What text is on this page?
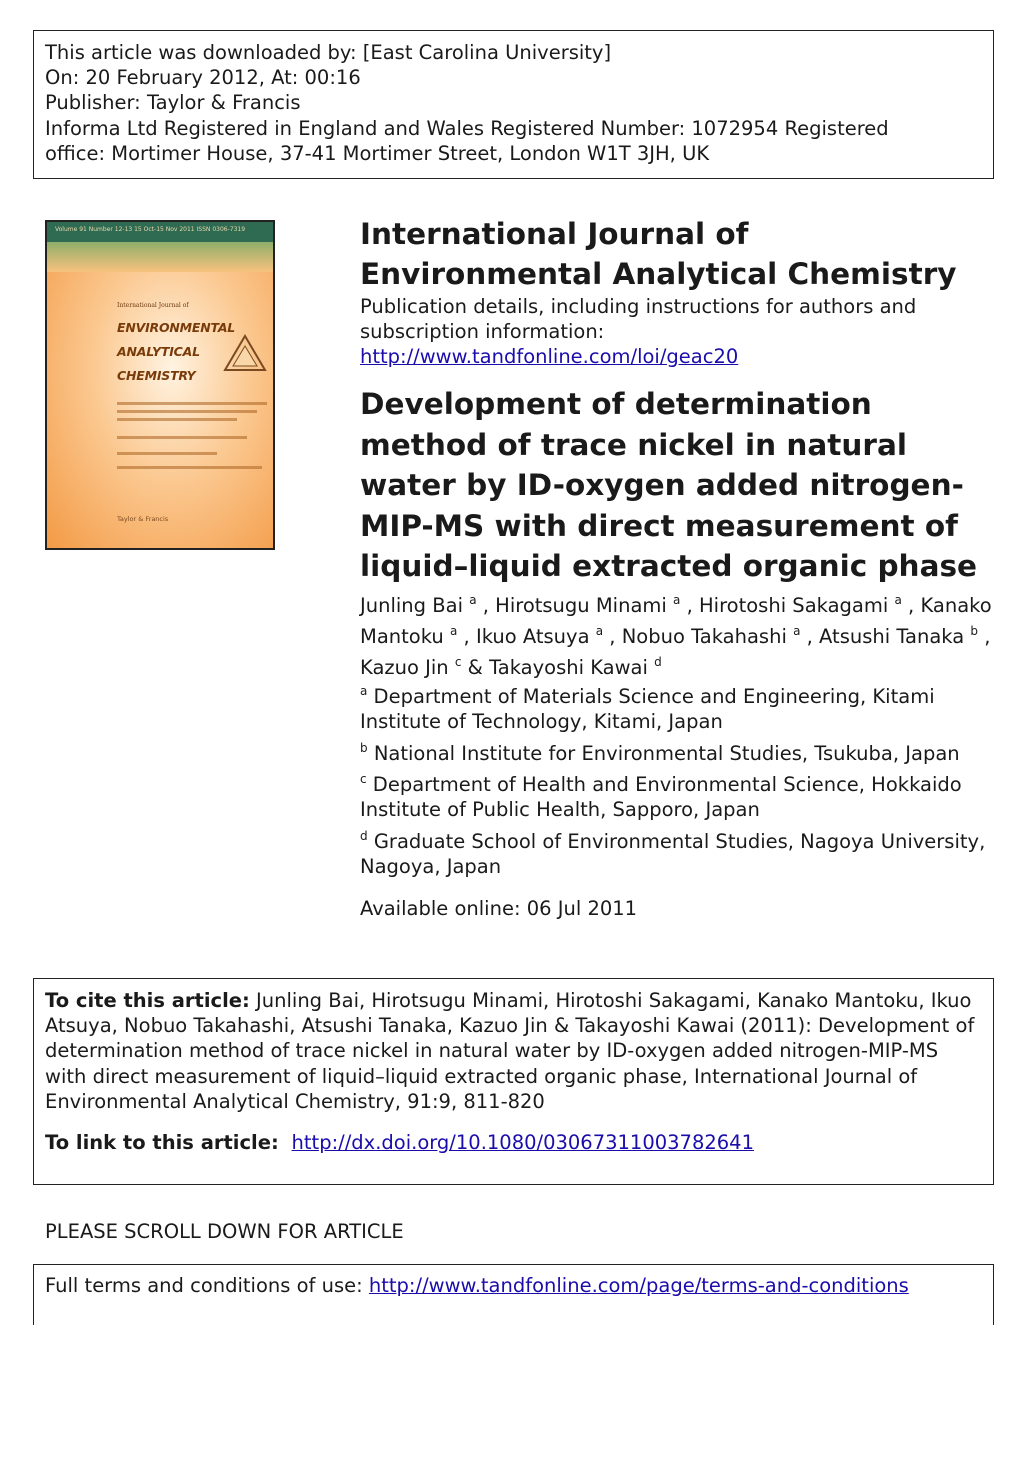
This article was downloaded by: [East Carolina University]
On: 20 February 2012, At: 00:16
Publisher: Taylor & Francis
Informa Ltd Registered in England and Wales Registered Number: 1072954 Registered
office: Mortimer House, 37-41 Mortimer Street, London W1T 3JH, UK
Volume 91 Number 12-13 15 Oct-15 Nov 2011 ISSN 0306-7319
International Journal of
ENVIRONMENTAL
ANALYTICAL
CHEMISTRY
Taylor & Francis
International Journal of Environmental Analytical Chemistry
Publication details, including instructions for authors and subscription information:
http://www.tandfonline.com/loi/geac20
Development of determination method of trace nickel in natural water by ID-oxygen added nitrogen-MIP-MS with direct measurement of liquid–liquid extracted organic phase
Junling Bai $^a$ , Hirotsugu Minami $^a$ , Hirotoshi Sakagami $^a$ , Kanako Mantoku $^a$ , Ikuo Atsuya $^a$ , Nobuo Takahashi $^a$ , Atsushi Tanaka $^b$ , Kazuo Jin $^c$ & Takayoshi Kawai $^d$
$^a$ Department of Materials Science and Engineering, Kitami Institute of Technology, Kitami, Japan
$^b$ National Institute for Environmental Studies, Tsukuba, Japan
$^c$ Department of Health and Environmental Science, Hokkaido Institute of Public Health, Sapporo, Japan
$^d$ Graduate School of Environmental Studies, Nagoya University, Nagoya, Japan
Available online: 06 Jul 2011
To cite this article: Junling Bai, Hirotsugu Minami, Hirotoshi Sakagami, Kanako Mantoku, Ikuo Atsuya, Nobuo Takahashi, Atsushi Tanaka, Kazuo Jin & Takayoshi Kawai (2011): Development of determination method of trace nickel in natural water by ID-oxygen added nitrogen-MIP-MS with direct measurement of liquid–liquid extracted organic phase, International Journal of Environmental Analytical Chemistry, 91:9, 811-820
To link to this article: http://dx.doi.org/10.1080/03067311003782641
PLEASE SCROLL DOWN FOR ARTICLE
Full terms and conditions of use: http://www.tandfonline.com/page/terms-and-conditions
